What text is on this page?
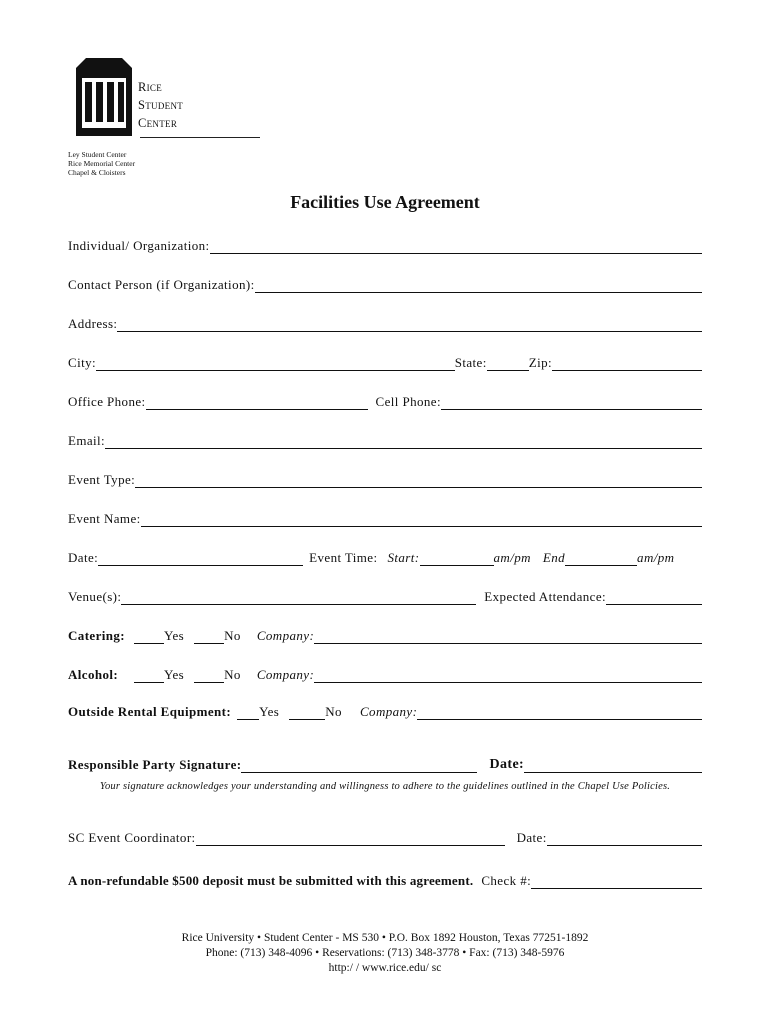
Rice
Student
Center
Ley Student Center
Rice Memorial Center
Chapel & Cloisters
Facilities Use Agreement
Individual/ Organization:
Contact Person (if Organization):
Address:
City:	State:	Zip:
Office Phone:	Cell Phone:
Email:
Event Type:
Event Name:
Date:	Event Time: Start:	am/pm End	am/pm
Venue(s):	Expected Attendance:
Catering:	Yes	No Company:
Alcohol:	Yes	No Company:
Outside Rental Equipment: Yes	No Company:
Responsible Party Signature:	Date:
Your signature acknowledges your understanding and willingness to adhere to the guidelines outlined in the Chapel Use Policies.
SC Event Coordinator:	Date:
A non-refundable $500 deposit must be submitted with this agreement. Check #:
Rice University • Student Center - MS 530 • P.O. Box 1892 Houston, Texas 77251-1892
Phone: (713) 348-4096 • Reservations: (713) 348-3778 • Fax: (713) 348-5976
http:/ / www.rice.edu/ sc
